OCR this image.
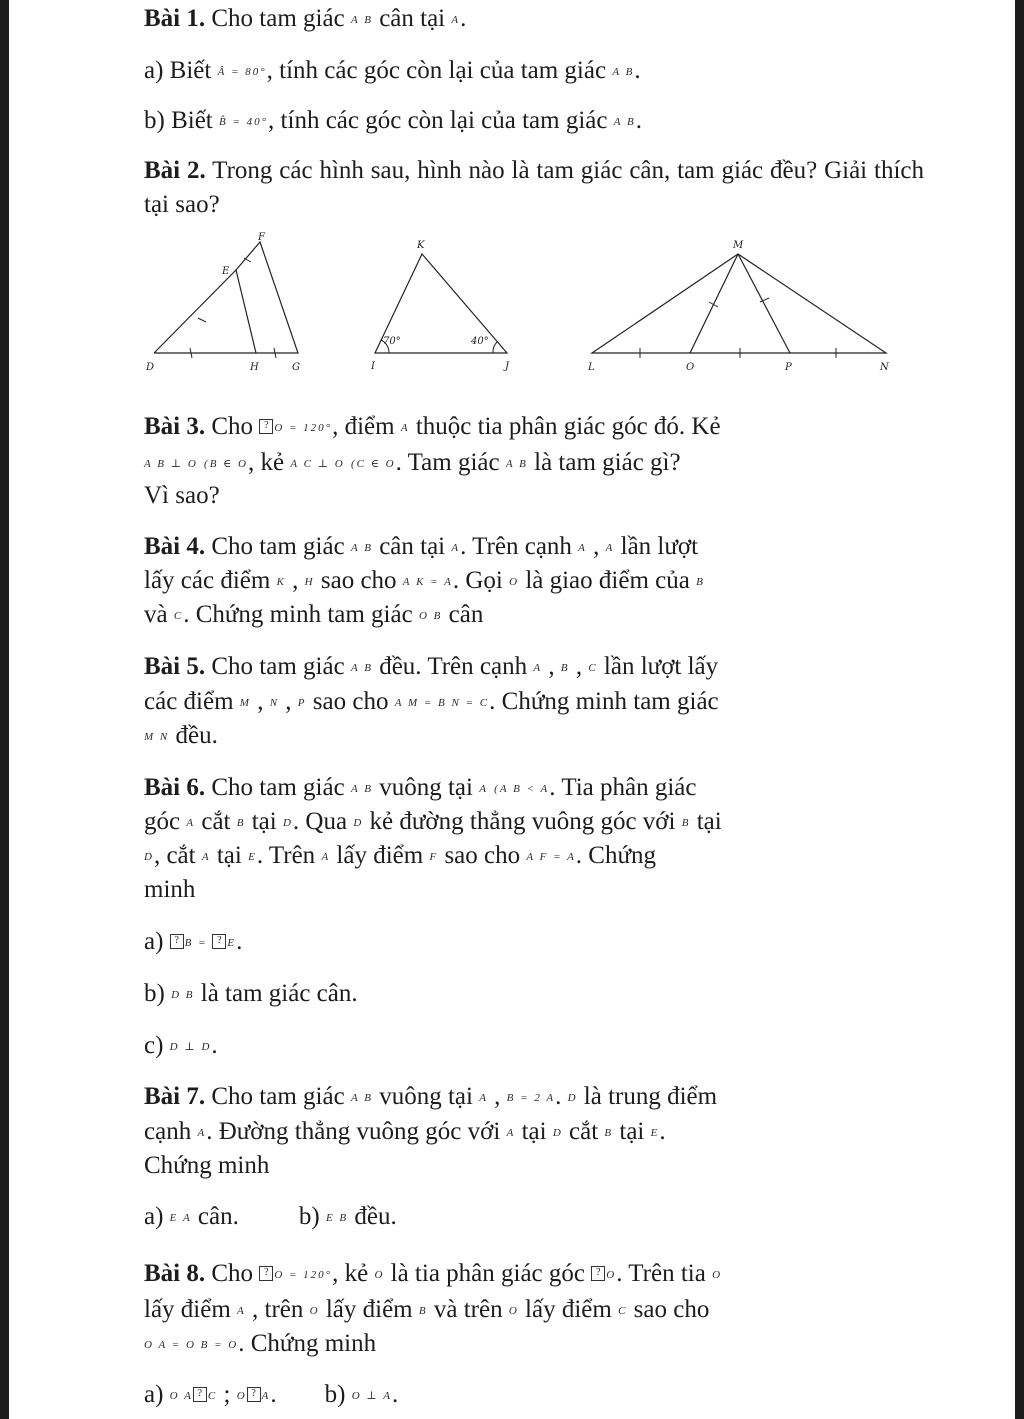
Bài 1. Cho tam giác A B cân tại A.
a) Biết Â = 80°, tính các góc còn lại của tam giác A B.
b) Biết B̂ = 40°, tính các góc còn lại của tam giác A B.
Bài 2. Trong các hình sau, hình nào là tam giác cân, tam giác đều? Giải thích tại sao?
Bài 3. Cho ? O = 120°, điểm A thuộc tia phân giác góc đó. Kẻ
A B ⊥ O (B ∈ O, kẻ A C ⊥ O (C ∈ O. Tam giác A B là tam giác gì?
Vì sao?
Bài 4. Cho tam giác A B cân tại A. Trên cạnh A , A lần lượt
lấy các điểm K , H sao cho A K = A. Gọi O là giao điểm của B
và C. Chứng minh tam giác O B cân
Bài 5. Cho tam giác A B đều. Trên cạnh A , B , C lần lượt lấy
các điểm M , N , P sao cho A M = B N = C. Chứng minh tam giác
M N đều.
Bài 6. Cho tam giác A B vuông tại A (A B < A. Tia phân giác
góc A cắt B tại D. Qua D kẻ đường thẳng vuông góc với B tại
D, cắt A tại E. Trên A lấy điểm F sao cho A F = A. Chứng
minh
a) ? B = ? E.
b) D B là tam giác cân.
c) D ⊥ D.
Bài 7. Cho tam giác A B vuông tại A , B = 2 A. D là trung điểm
cạnh A. Đường thẳng vuông góc với A tại D cắt B tại E.
Chứng minh
a) E A cân. b) E B đều.
Bài 8. Cho ? O = 120°, kẻ O là tia phân giác góc ? O. Trên tia O
lấy điểm A , trên O lấy điểm B và trên O lấy điểm C sao cho
O A = O B = O. Chứng minh
a) O A ? C ; O ? A. b) O ⊥ A.
F
E
D	H	G
K
I	J
70°	40°
M
L	O	P	N
